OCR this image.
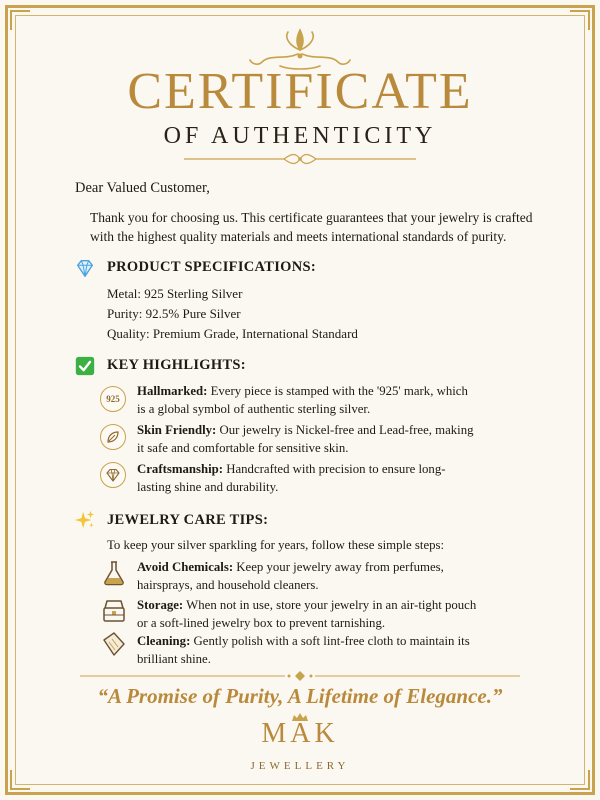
CERTIFICATE
OF AUTHENTICITY
Dear Valued Customer,
Thank you for choosing us. This certificate guarantees that your jewelry is crafted with the highest quality materials and meets international standards of purity.
PRODUCT SPECIFICATIONS:
Metal: 925 Sterling Silver
Purity: 92.5% Pure Silver
Quality: Premium Grade, International Standard
KEY HIGHLIGHTS:
925
Hallmarked: Every piece is stamped with the '925' mark, which is a global symbol of authentic sterling silver.
Skin Friendly: Our jewelry is Nickel-free and Lead-free, making it safe and comfortable for sensitive skin.
Craftsmanship: Handcrafted with precision to ensure long-lasting shine and durability.
JEWELRY CARE TIPS:
To keep your silver sparkling for years, follow these simple steps:
Avoid Chemicals: Keep your jewelry away from perfumes, hairsprays, and household cleaners.
Storage: When not in use, store your jewelry in an air-tight pouch or a soft-lined jewelry box to prevent tarnishing.
Cleaning: Gently polish with a soft lint-free cloth to maintain its brilliant shine.
“A Promise of Purity, A Lifetime of Elegance.”
MAK
JEWELLERY
